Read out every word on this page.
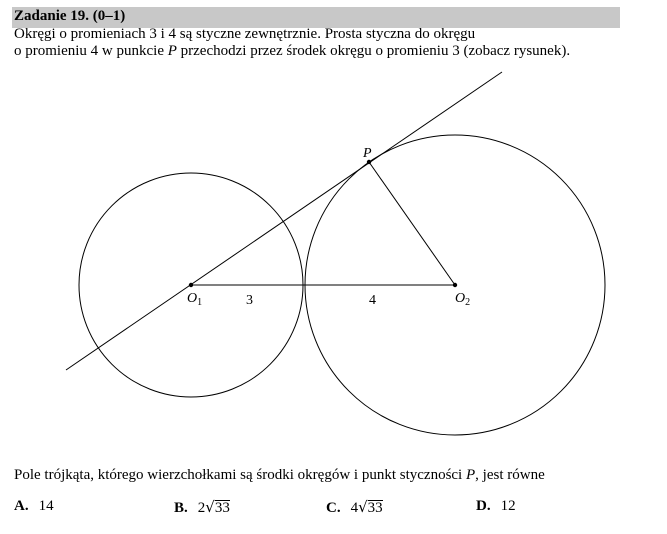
Zadanie 19. (0–1)
Okręgi o promieniach 3 i 4 są styczne zewnętrznie. Prosta styczna do okręgu
o promieniu 4 w punkcie P przechodzi przez środek okręgu o promieniu 3 (zobacz rysunek).
P
$O_1$	$O_2$
3	4
Pole trójkąta, którego wierzchołkami są środki okręgów i punkt styczności P, jest równe
A. 14	B. 2√33	C. 4√33	D. 12
